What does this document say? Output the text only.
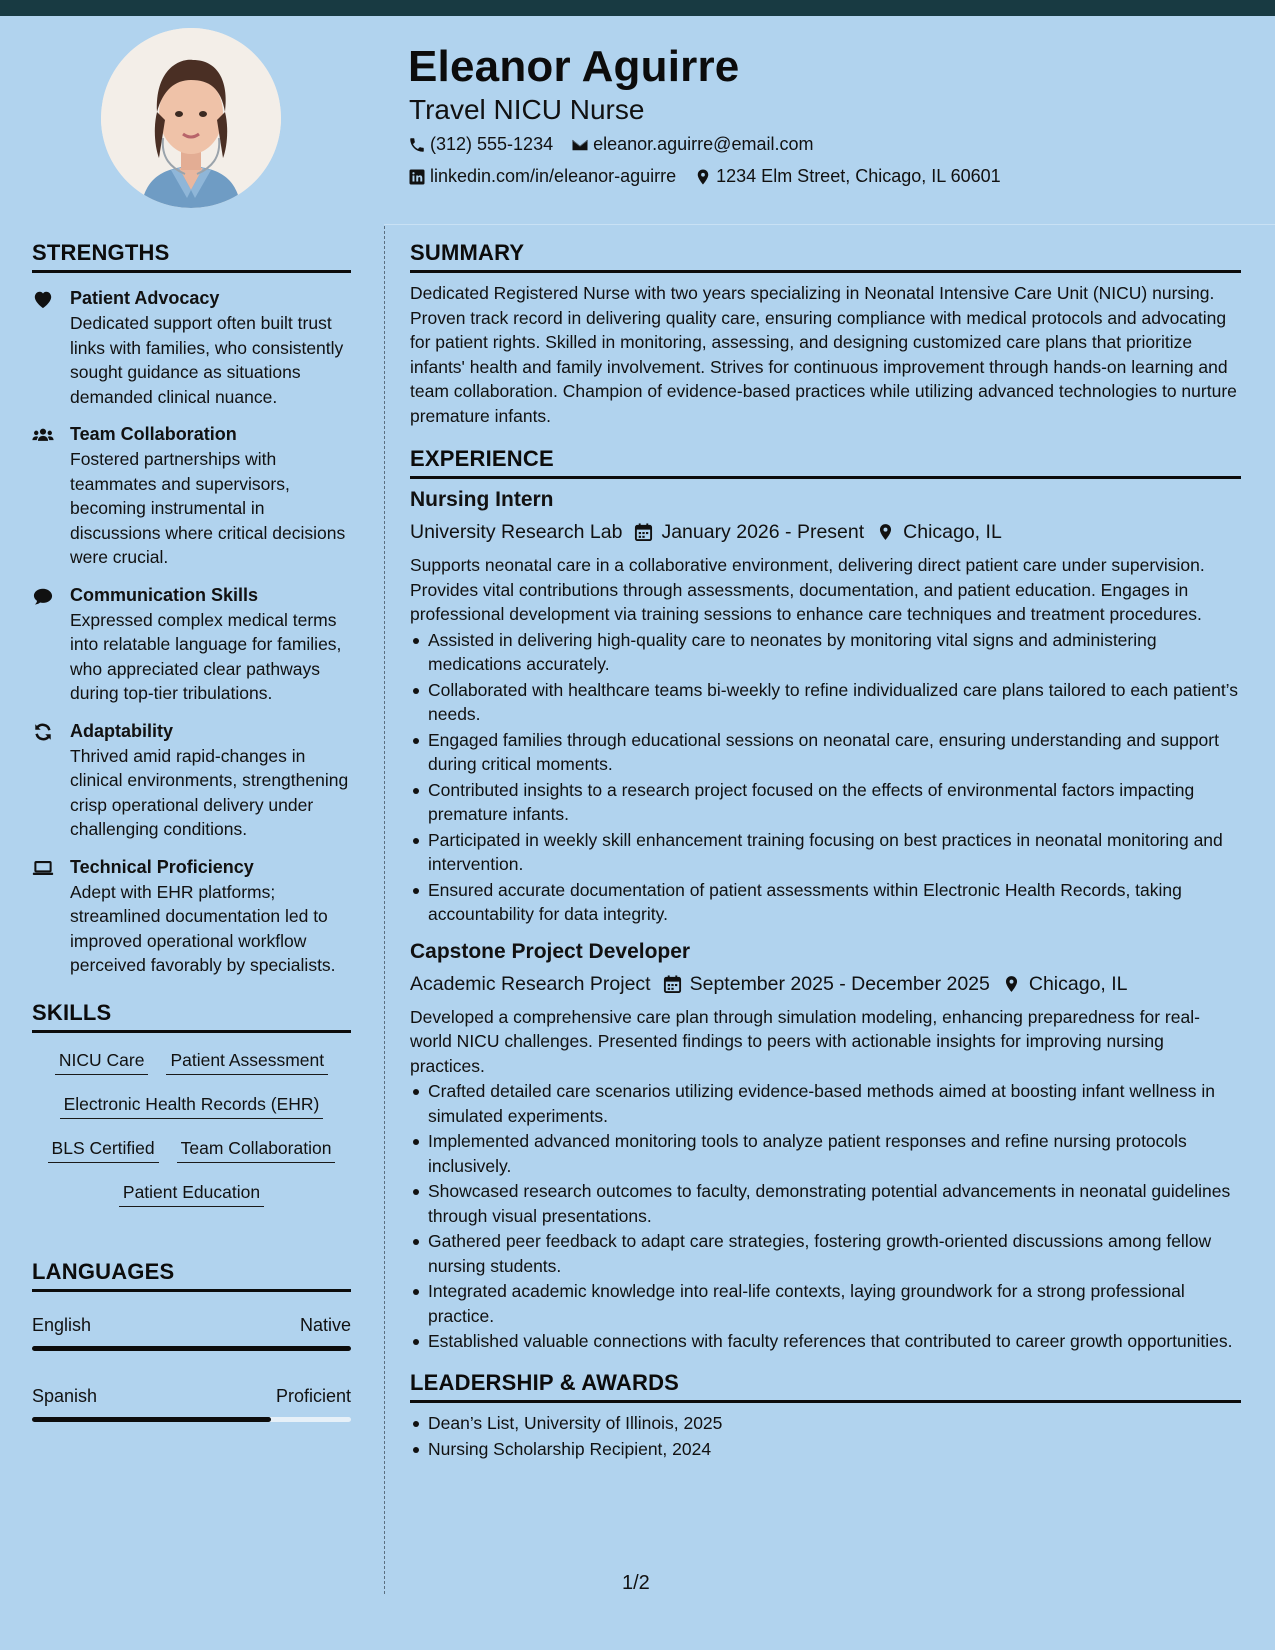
Eleanor Aguirre
Travel NICU Nurse
(312) 555-1234 eleanor.aguirre@email.com
linkedin.com/in/eleanor-aguirre 1234 Elm Street, Chicago, IL 60601
STRENGTHS
Patient Advocacy
Dedicated support often built trust links with families, who consistently sought guidance as situations demanded clinical nuance.
Team Collaboration
Fostered partnerships with teammates and supervisors, becoming instrumental in discussions where critical decisions were crucial.
Communication Skills
Expressed complex medical terms into relatable language for families, who appreciated clear pathways during top-tier tribulations.
Adaptability
Thrived amid rapid-changes in clinical environments, strengthening crisp operational delivery under challenging conditions.
Technical Proficiency
Adept with EHR platforms; streamlined documentation led to improved operational workflow perceived favorably by specialists.
SKILLS
NICU Care Patient Assessment
Electronic Health Records (EHR)
BLS Certified Team Collaboration
Patient Education
LANGUAGES
English	Native
Spanish	Proficient
SUMMARY

Dedicated Registered Nurse with two years specializing in Neonatal Intensive Care Unit (NICU) nursing. Proven track record in delivering quality care, ensuring compliance with medical protocols and advocating for patient rights. Skilled in monitoring, assessing, and designing customized care plans that prioritize infants' health and family involvement. Strives for continuous improvement through hands-on learning and team collaboration. Champion of evidence-based practices while utilizing advanced technologies to nurture premature infants.

EXPERIENCE
Nursing Intern
University Research Lab January 2026 - Present Chicago, IL

Supports neonatal care in a collaborative environment, delivering direct patient care under supervision. Provides vital contributions through assessments, documentation, and patient education. Engages in professional development via training sessions to enhance care techniques and treatment procedures.

Assisted in delivering high-quality care to neonates by monitoring vital signs and administering medications accurately.
Collaborated with healthcare teams bi-weekly to refine individualized care plans tailored to each patient’s needs.
Engaged families through educational sessions on neonatal care, ensuring understanding and support during critical moments.
Contributed insights to a research project focused on the effects of environmental factors impacting premature infants.
Participated in weekly skill enhancement training focusing on best practices in neonatal monitoring and intervention.
Ensured accurate documentation of patient assessments within Electronic Health Records, taking accountability for data integrity.
Capstone Project Developer
Academic Research Project September 2025 - December 2025 Chicago, IL

Developed a comprehensive care plan through simulation modeling, enhancing preparedness for real-world NICU challenges. Presented findings to peers with actionable insights for improving nursing practices.

Crafted detailed care scenarios utilizing evidence-based methods aimed at boosting infant wellness in simulated experiments.
Implemented advanced monitoring tools to analyze patient responses and refine nursing protocols inclusively.
Showcased research outcomes to faculty, demonstrating potential advancements in neonatal guidelines through visual presentations.
Gathered peer feedback to adapt care strategies, fostering growth-oriented discussions among fellow nursing students.
Integrated academic knowledge into real-life contexts, laying groundwork for a strong professional practice.
Established valuable connections with faculty references that contributed to career growth opportunities.
LEADERSHIP & AWARDS
Dean’s List, University of Illinois, 2025
Nursing Scholarship Recipient, 2024
1/2
